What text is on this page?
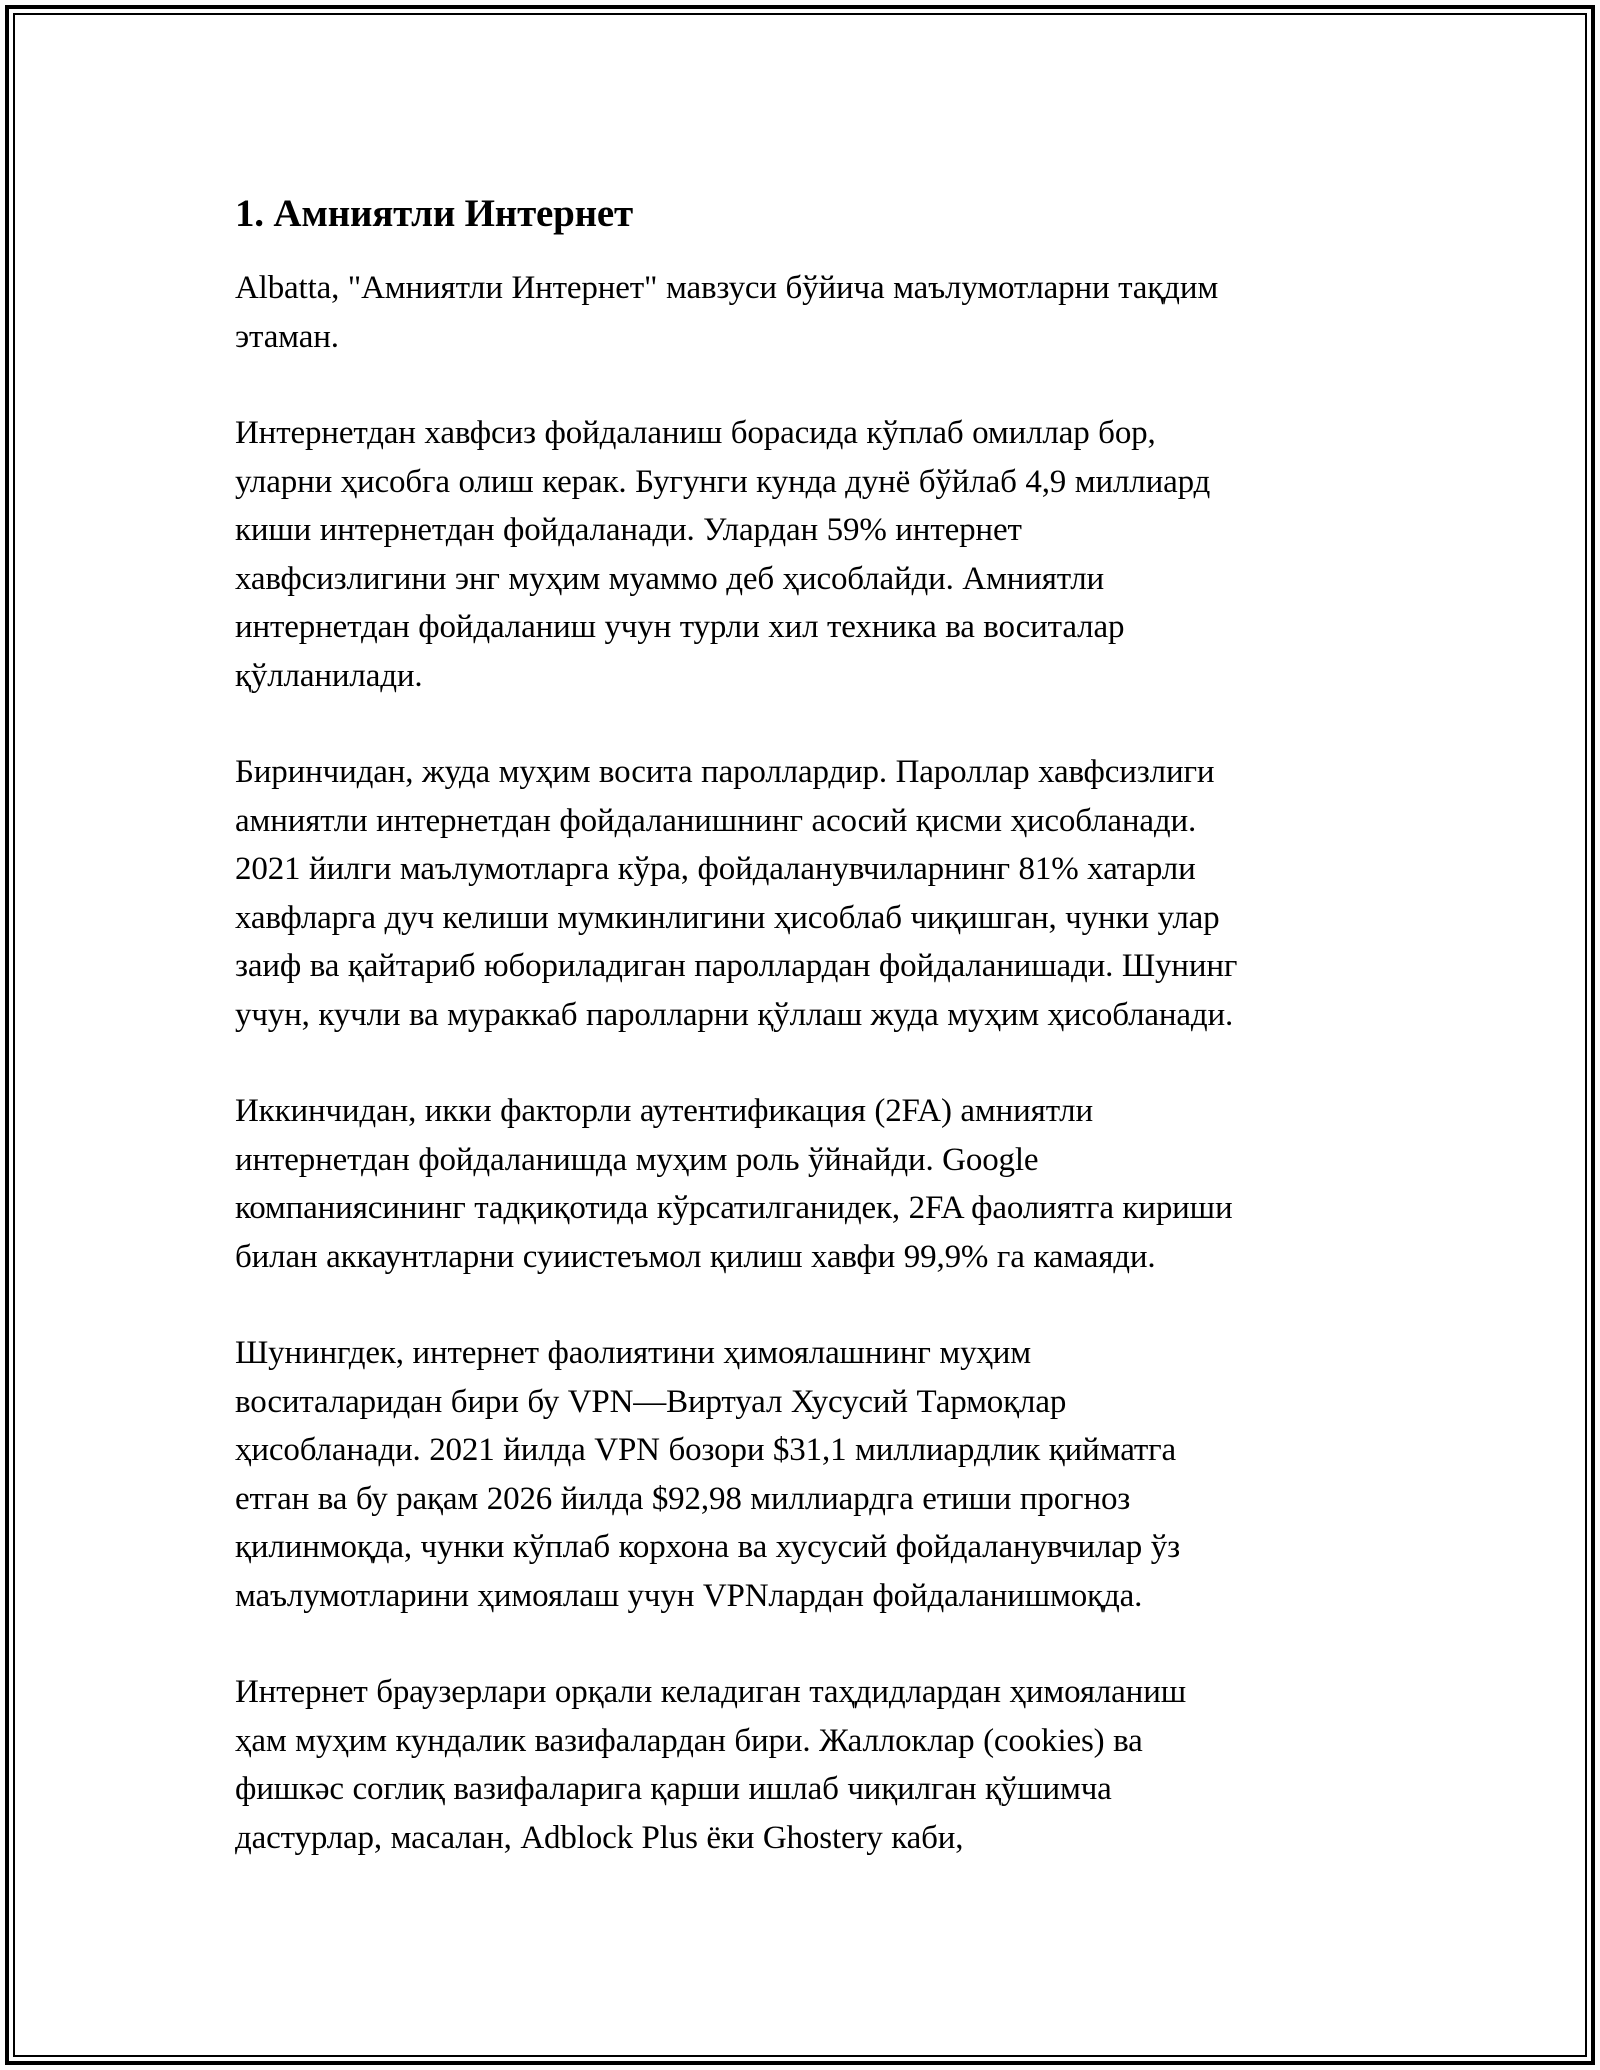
1. Амниятли Интернет

Albatta, "Амниятли Интернет" мавзуси бўйича маълумотларни тақдим
этаман.

Интернетдан хавфсиз фойдаланиш борасида кўплаб омиллар бор,
уларни ҳисобга олиш керак. Бугунги кунда дунё бўйлаб 4,9 миллиард
киши интернетдан фойдаланади. Улардан 59% интернет
хавфсизлигини энг муҳим муаммо деб ҳисоблайди. Амниятли
интернетдан фойдаланиш учун турли хил техника ва воситалар
қўлланилади.

Биринчидан, жуда муҳим восита пароллардир. Пароллар хавфсизлиги
амниятли интернетдан фойдаланишнинг асосий қисми ҳисобланади.
2021 йилги маълумотларга кўра, фойдаланувчиларнинг 81% хатарли
хавфларга дуч келиши мумкинлигини ҳисоблаб чиқишган, чунки улар
заиф ва қайтариб юбориладиган пароллардан фойдаланишади. Шунинг
учун, кучли ва мураккаб паролларни қўллаш жуда муҳим ҳисобланади.

Иккинчидан, икки факторли аутентификация (2FA) амниятли
интернетдан фойдаланишда муҳим роль ўйнайди. Google
компаниясининг тадқиқотида кўрсатилганидек, 2FA фаолиятга кириши
билан аккаунтларни суиистеъмол қилиш хавфи 99,9% га камаяди.

Шунингдек, интернет фаолиятини ҳимоялашнинг муҳим
воситаларидан бири бу VPN—Виртуал Хусусий Тармоқлар
ҳисобланади. 2021 йилда VPN бозори $31,1 миллиардлик қийматга
етган ва бу рақам 2026 йилда $92,98 миллиардга етиши прогноз
қилинмоқда, чунки кўплаб корхона ва хусусий фойдаланувчилар ўз
маълумотларини ҳимоялаш учун VPNлардан фойдаланишмоқда.

Интернет браузерлари орқали келадиган таҳдидлардан ҳимояланиш
ҳам муҳим кундалик вазифалардан бири. Жаллоклар (cookies) ва
фишкәс соглиқ вазифаларига қарши ишлаб чиқилган қўшимча
дастурлар, масалан, Adblock Plus ёки Ghostery каби,
